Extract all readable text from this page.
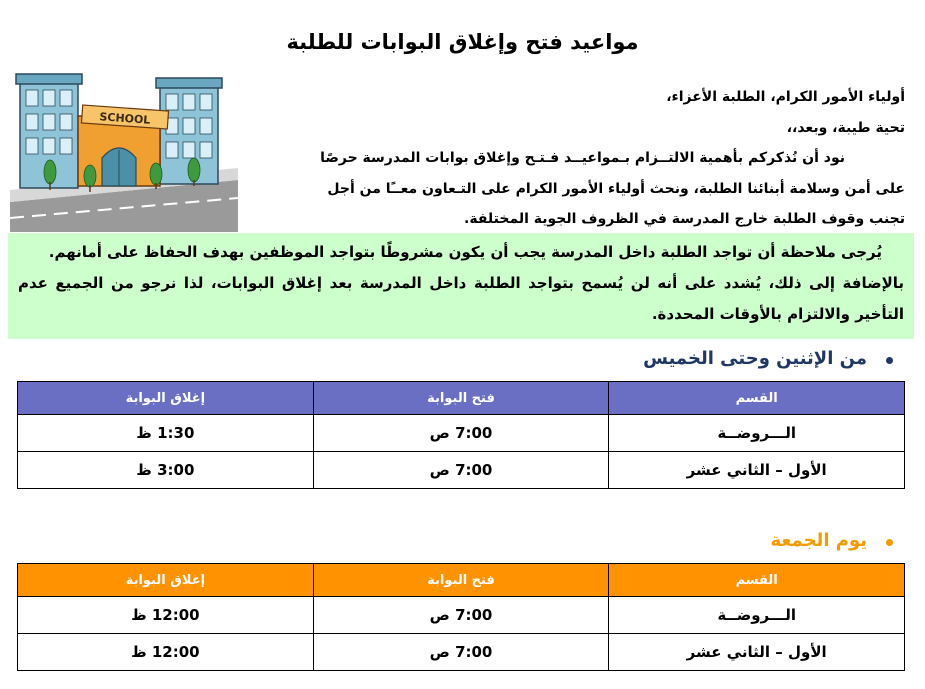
مواعيد فتح وإغلاق البوابات للطلبة
SCHOOL

أولياء الأمور الكرام، الطلبة الأعزاء،

تحية طيبة، وبعد،،

نود أن نُذكركم بأهمية الالتــزام بـمواعيــد فـتـح وإغلاق بوابات المدرسة حرصًا

على أمن وسلامة أبنائنا الطلبة، ونحث أولياء الأمور الكرام على التـعاون معــًا من أجل

تجنب وقوف الطلبة خارج المدرسة في الظروف الجوية المختلفة.

يُرجى ملاحظة أن تواجد الطلبة داخل المدرسة يجب أن يكون مشروطًا بتواجد الموظفين بهدف الحفاظ على أمانهم.

بالإضافة إلى ذلك، يُشدد على أنه لن يُسمح بتواجد الطلبة داخل المدرسة بعد إغلاق البوابات، لذا نرجو من الجميع عدم التأخير والالتزام بالأوقات المحددة.

من الإثنين وحتى الخميس
القسم	فتح البوابة	إغلاق البوابة
الـــروضــة	7:00 ص	1:30 ظ
الأول – الثاني عشر	7:00 ص	3:00 ظ
يوم الجمعة
القسم	فتح البوابة	إغلاق البوابة
الـــروضــة	7:00 ص	12:00 ظ
الأول – الثاني عشر	7:00 ص	12:00 ظ
